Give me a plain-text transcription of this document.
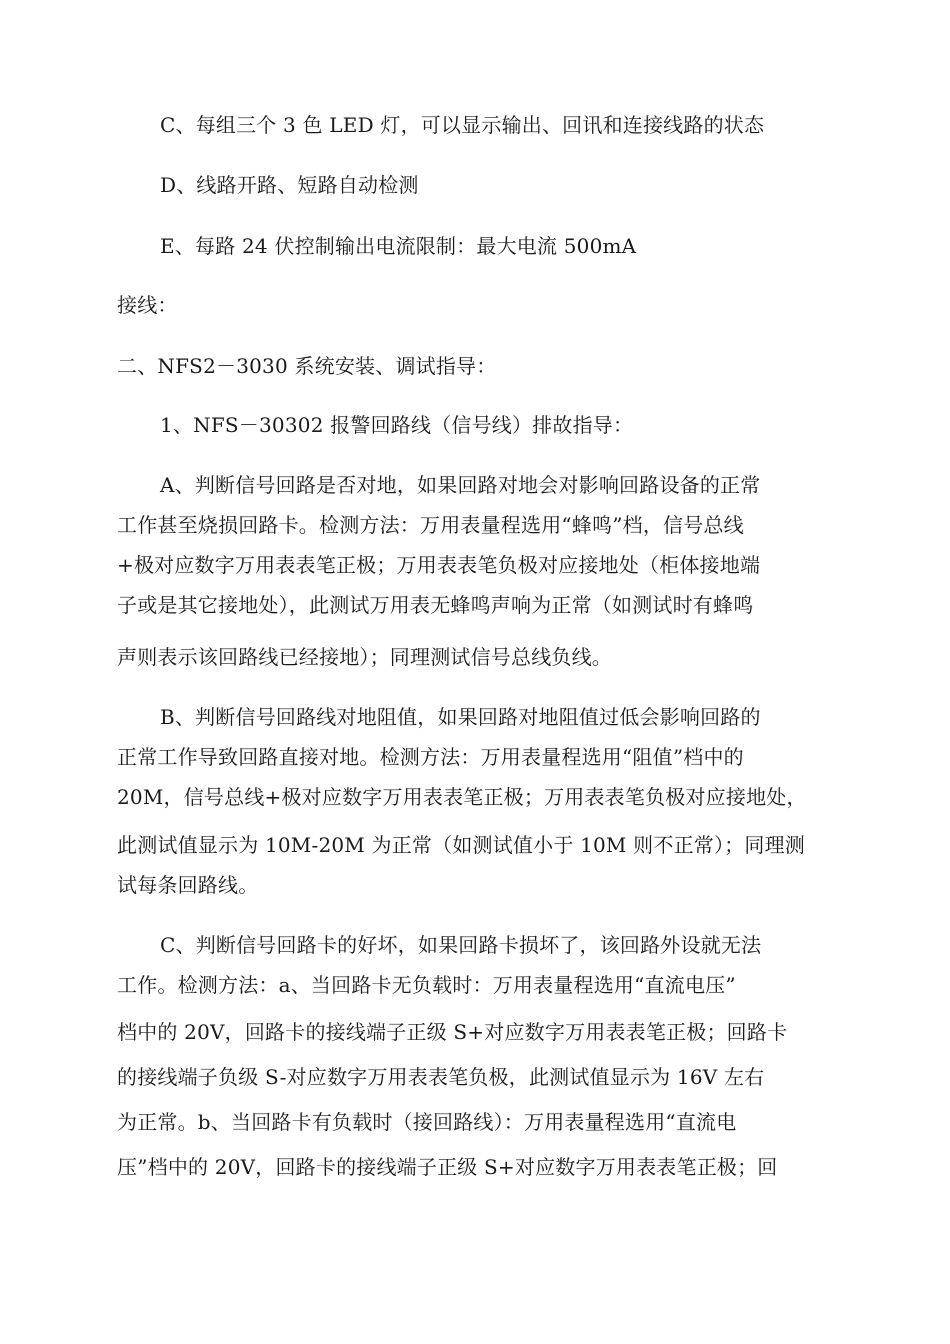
C、每组三个 3 色 LED 灯，可以显示输出、回讯和连接线路的状态
D、线路开路、短路自动检测
E、每路 24 伏控制输出电流限制：最大电流 500mA
接线：
二、NFS2－3030 系统安装、调试指导：
1、NFS－30302 报警回路线（信号线）排故指导：
A、判断信号回路是否对地，如果回路对地会对影响回路设备的正常
工作甚至烧损回路卡。检测方法：万用表量程选用“蜂鸣”档，信号总线
+极对应数字万用表表笔正极；万用表表笔负极对应接地处（柜体接地端
子或是其它接地处），此测试万用表无蜂鸣声响为正常（如测试时有蜂鸣
声则表示该回路线已经接地）；同理测试信号总线负线。
B、判断信号回路线对地阻值，如果回路对地阻值过低会影响回路的
正常工作导致回路直接对地。检测方法：万用表量程选用“阻值”档中的
20M，信号总线+极对应数字万用表表笔正极；万用表表笔负极对应接地处，
此测试值显示为 10M-20M 为正常（如测试值小于 10M 则不正常）；同理测
试每条回路线。
C、判断信号回路卡的好坏，如果回路卡损坏了，该回路外设就无法
工作。检测方法：a、当回路卡无负载时：万用表量程选用“直流电压”
档中的 20V，回路卡的接线端子正级 S+对应数字万用表表笔正极；回路卡
的接线端子负级 S-对应数字万用表表笔负极，此测试值显示为 16V 左右
为正常。b、当回路卡有负载时（接回路线）：万用表量程选用“直流电
压”档中的 20V，回路卡的接线端子正级 S+对应数字万用表表笔正极；回
